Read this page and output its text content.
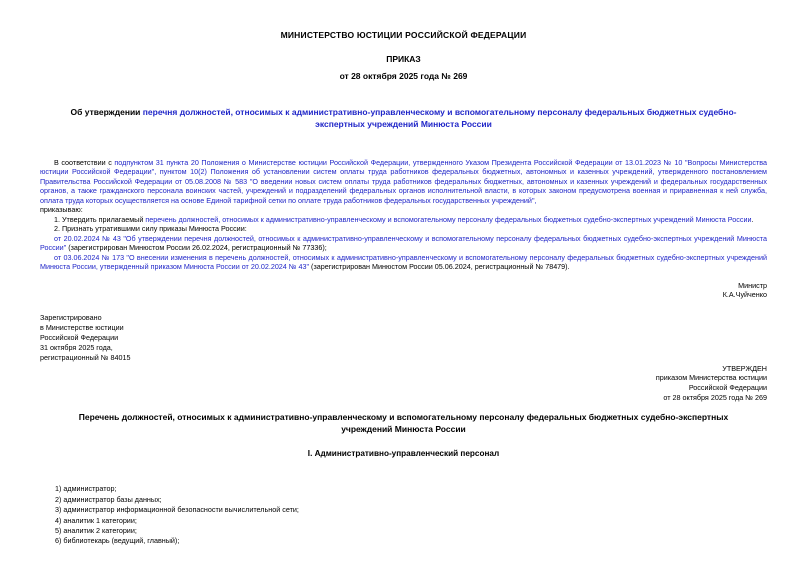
МИНИСТЕРСТВО ЮСТИЦИИ РОССИЙСКОЙ ФЕДЕРАЦИИ
ПРИКАЗ
от 28 октября 2025 года № 269
Об утверждении перечня должностей, относимых к административно-управленческому и вспомогательному персоналу федеральных бюджетных судебно-экспертных учреждений Минюста России

В соответствии с подпунктом 31 пункта 20 Положения о Министерстве юстиции Российской Федерации, утвержденного Указом Президента Российской Федерации от 13.01.2023 № 10 "Вопросы Министерства юстиции Российской Федерации", пунктом 10(2) Положения об установлении систем оплаты труда работников федеральных бюджетных, автономных и казенных учреждений, утвержденного постановлением Правительства Российской Федерации от 05.08.2008 № 583 "О введении новых систем оплаты труда работников федеральных бюджетных, автономных и казенных учреждений и федеральных государственных органов, а также гражданского персонала воинских частей, учреждений и подразделений федеральных органов исполнительной власти, в которых законом предусмотрена военная и приравненная к ней служба, оплата труда которых осуществляется на основе Единой тарифной сетки по оплате труда работников федеральных государственных учреждений",

приказываю:

1. Утвердить прилагаемый перечень должностей, относимых к административно-управленческому и вспомогательному персоналу федеральных бюджетных судебно-экспертных учреждений Минюста России.

2. Признать утратившими силу приказы Минюста России:

от 20.02.2024 № 43 "Об утверждении перечня должностей, относимых к административно-управленческому и вспомогательному персоналу федеральных бюджетных судебно-экспертных учреждений Минюста России" (зарегистрирован Минюстом России 26.02.2024, регистрационный № 77336);

от 03.06.2024 № 173 "О внесении изменения в перечень должностей, относимых к административно-управленческому и вспомогательному персоналу федеральных бюджетных судебно-экспертных учреждений Минюста России, утвержденный приказом Минюста России от 20.02.2024 № 43" (зарегистрирован Минюстом России 05.06.2024, регистрационный № 78479).

Министр
К.А.Чуйченко
Зарегистрировано
в Министерстве юстиции
Российской Федерации
31 октября 2025 года,
регистрационный № 84015
УТВЕРЖДЕН
приказом Министерства юстиции
Российской Федерации
от 28 октября 2025 года № 269
Перечень должностей, относимых к административно-управленческому и вспомогательному персоналу федеральных бюджетных судебно-экспертных учреждений Минюста России
I. Административно-управленческий персонал
1) администратор;
2) администратор базы данных;
3) администратор информационной безопасности вычислительной сети;
4) аналитик 1 категории;
5) аналитик 2 категории;
6) библиотекарь (ведущий, главный);
